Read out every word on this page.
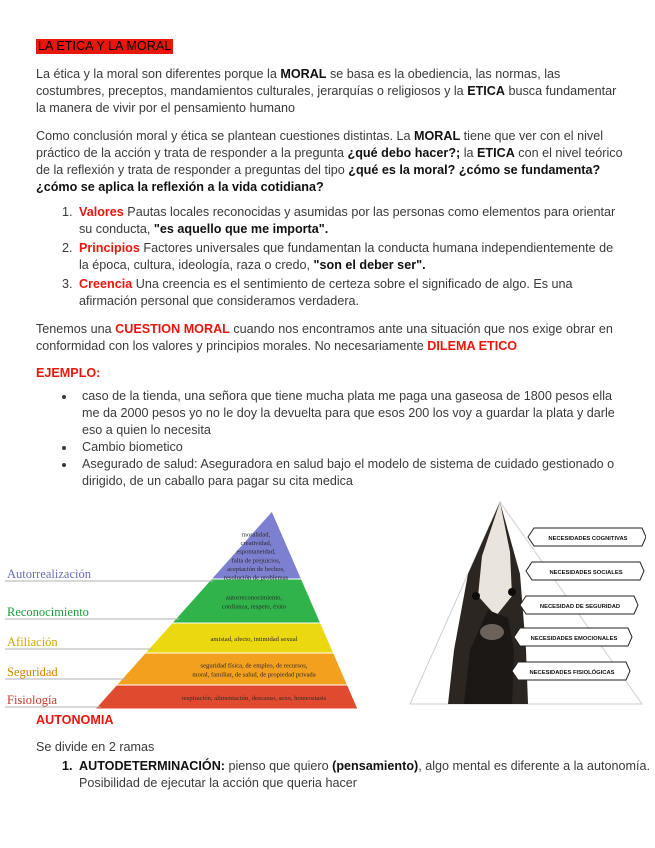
LA ETICA Y LA MORAL

La ética y la moral son diferentes porque la MORAL se basa es la obediencia, las normas, las costumbres, preceptos, mandamientos culturales, jerarquías o religiosos y la ETICA busca fundamentar la manera de vivir por el pensamiento humano

Como conclusión moral y ética se plantean cuestiones distintas. La MORAL tiene que ver con el nivel práctico de la acción y trata de responder a la pregunta ¿qué debo hacer?; la ETICA con el nivel teórico de la reflexión y trata de responder a preguntas del tipo ¿qué es la moral? ¿cómo se fundamenta? ¿cómo se aplica la reflexión a la vida cotidiana?

1. Valores Pautas locales reconocidas y asumidas por las personas como elementos para orientar su conducta, "es aquello que me importa".
2. Principios Factores universales que fundamentan la conducta humana independientemente de la época, cultura, ideología, raza o credo, "son el deber ser".
3. Creencia Una creencia es el sentimiento de certeza sobre el significado de algo. Es una afirmación personal que consideramos verdadera.

Tenemos una CUESTION MORAL cuando nos encontramos ante una situación que nos exige obrar en conformidad con los valores y principios morales. No necesariamente DILEMA ETICO

EJEMPLO:

• caso de la tienda, una señora que tiene mucha plata me paga una gaseosa de 1800 pesos ella me da 2000 pesos yo no le doy la devuelta para que esos 200 los voy a guardar la plata y darle eso a quien lo necesita
• Cambio biometico
• Asegurado de salud: Aseguradora en salud bajo el modelo de sistema de cuidado gestionado o dirigido, de un caballo para pagar su cita medica
Autorrealización
Reconocimiento
Afiliación
Seguridad
Fisiología
moralidad,
creatividad,
espontaneidad,
falta de prejuicios,
aceptación de hechos,
resolución de problemas
autorreconocimiento,
confianza, respeto, éxito
amistad, afecto, intimidad sexual
seguridad física, de empleo, de recursos,
moral, familiar, de salud, de propiedad privada
respiración, alimentación, descanso, sexo, homeostasis
NECESIDADES COGNITIVAS
NECESIDADES SOCIALES
NECESIDAD DE SEGURIDAD
NECESIDADES EMOCIONALES
NECESIDADES FISIOLÓGICAS
AUTONOMIA
Se divide en 2 ramas
1. AUTODETERMINACIÓN: pienso que quiero (pensamiento), algo mental es diferente a la autonomía. Posibilidad de ejecutar la acción que queria hacer
